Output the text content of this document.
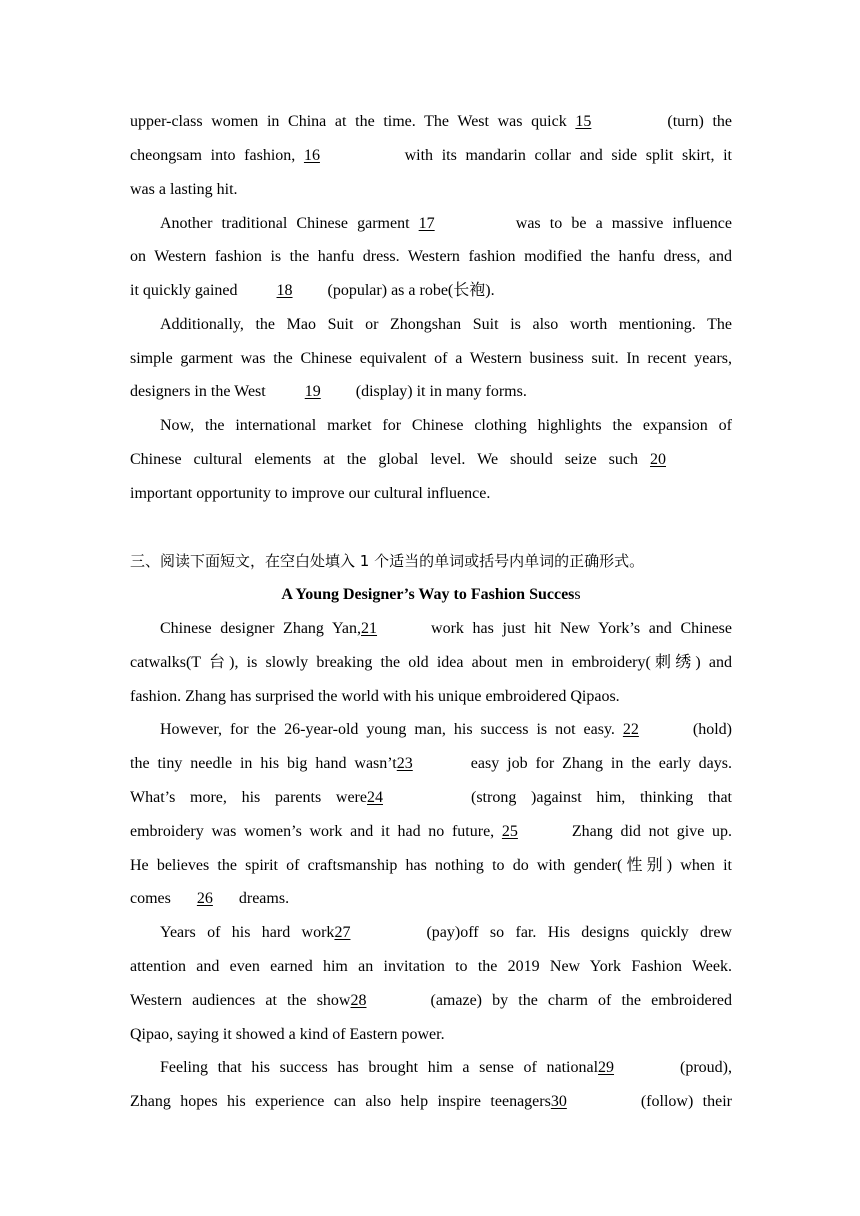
upper-class women in China at the time. The West was quick 15	(turn) the
cheongsam into fashion, 16	with its mandarin collar and side split skirt, it
was a lasting hit.
Another traditional Chinese garment 17	was to be a massive influence
on Western fashion is the hanfu dress. Western fashion modified the hanfu dress, and
it quickly gained 18 (popular) as a robe(长袍).
Additionally, the Mao Suit or Zhongshan Suit is also worth mentioning. The
simple garment was the Chinese equivalent of a Western business suit. In recent years,
designers in the West 19 (display) it in many forms.
Now, the international market for Chinese clothing highlights the expansion of
Chinese cultural elements at the global level. We should seize such 20
important opportunity to improve our cultural influence.
三、阅读下面短文，在空白处填入 1 个适当的单词或括号内单词的正确形式。
A Young Designer’s Way to Fashion Success
Chinese designer Zhang Yan,21	work has just hit New York’s and Chinese
catwalks(T 台), is slowly breaking the old idea about men in embroidery(刺绣) and
fashion. Zhang has surprised the world with his unique embroidered Qipaos.
However, for the 26-year-old young man, his success is not easy. 22	(hold)
the tiny needle in his big hand wasn’t23	easy job for Zhang in the early days.
What’s more, his parents were24	(strong )against him, thinking that
embroidery was women’s work and it had no future, 25	Zhang did not give up.
He believes the spirit of craftsmanship has nothing to do with gender(性别) when it
comes 26 dreams.
Years of his hard work27	(pay)off so far. His designs quickly drew
attention and even earned him an invitation to the 2019 New York Fashion Week.
Western audiences at the show28	(amaze) by the charm of the embroidered
Qipao, saying it showed a kind of Eastern power.
Feeling that his success has brought him a sense of national29	(proud),
Zhang hopes his experience can also help inspire teenagers30	(follow) their
